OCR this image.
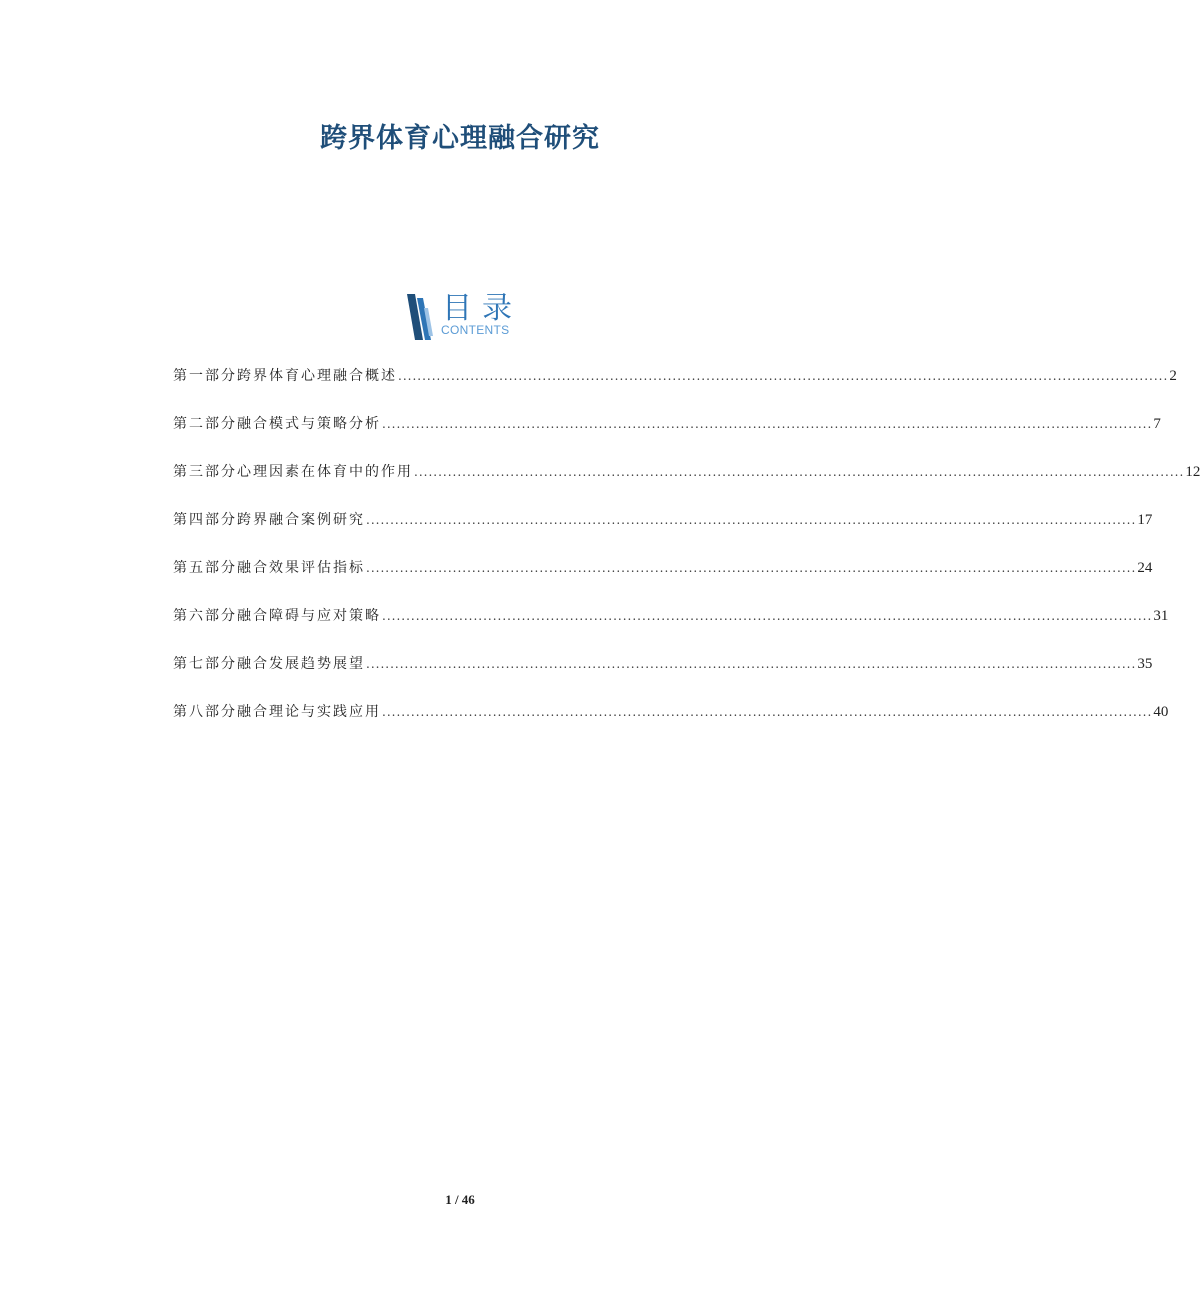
跨界体育心理融合研究
目录
CONTENTS
第一部分 跨界体育心理融合概述 ................................................................................................................................................................ 2
第二部分 融合模式与策略分析 ................................................................................................................................................................ 7
第三部分 心理因素在体育中的作用 ................................................................................................................................................................ 12
第四部分 跨界融合案例研究 ................................................................................................................................................................ 17
第五部分 融合效果评估指标 ................................................................................................................................................................ 24
第六部分 融合障碍与应对策略 ................................................................................................................................................................ 31
第七部分 融合发展趋势展望 ................................................................................................................................................................ 35
第八部分 融合理论与实践应用 ................................................................................................................................................................ 40
1 / 46
